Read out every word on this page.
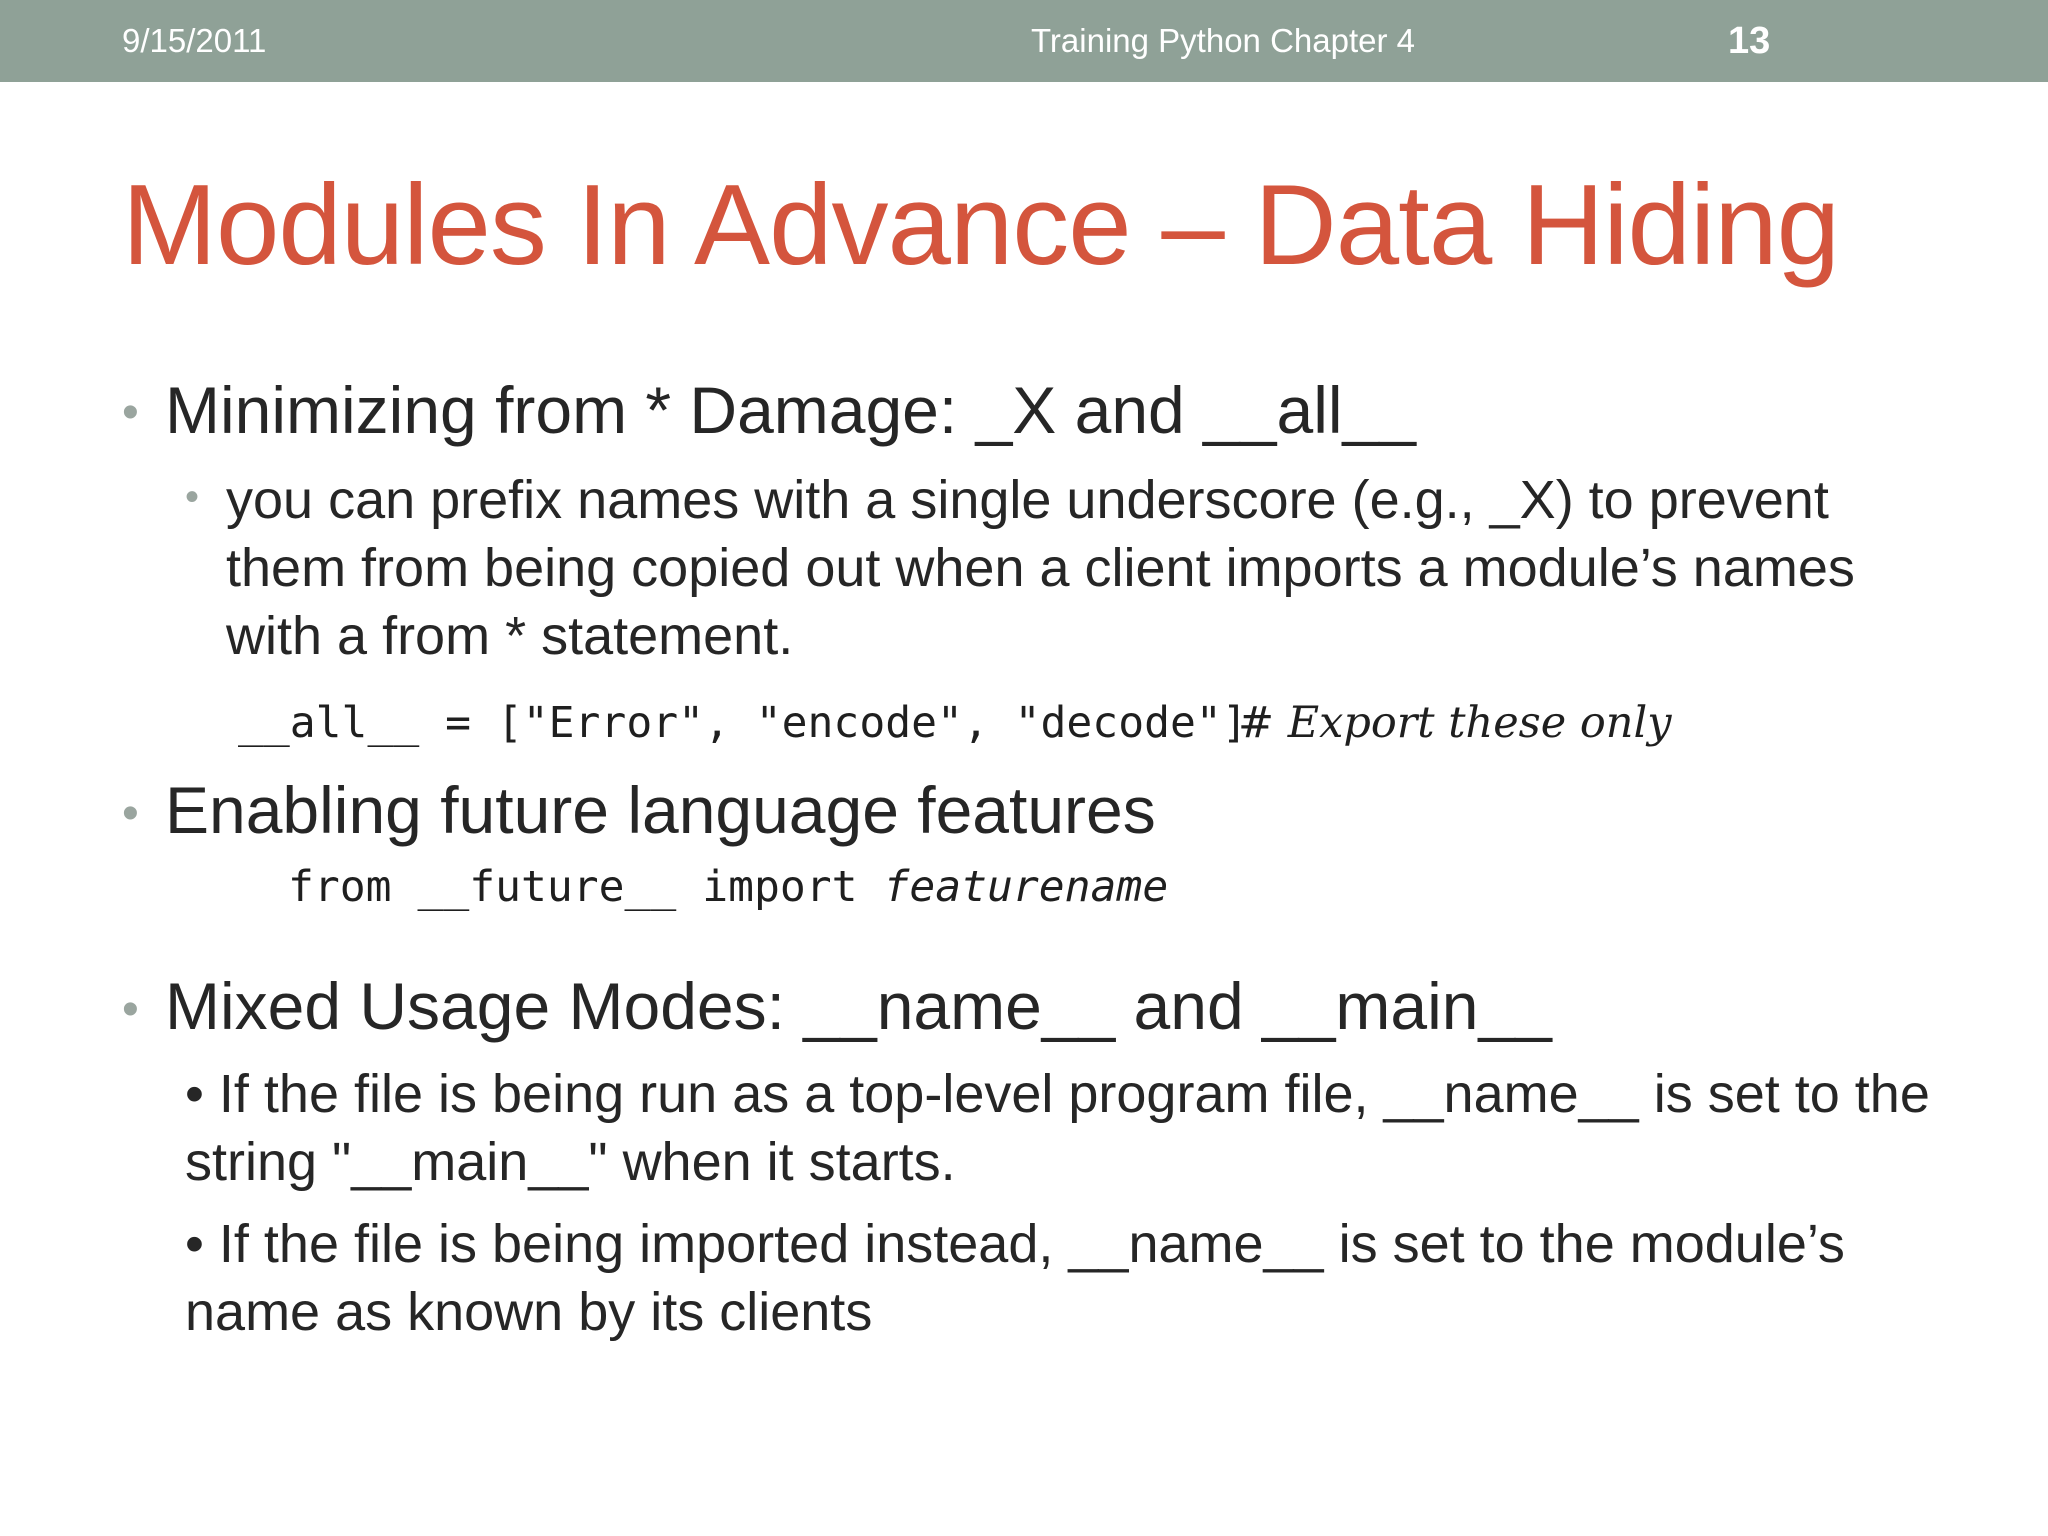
9/15/2011	Training Python Chapter 4	13
Modules In Advance – Data Hiding
• Minimizing from * Damage: _X and __all__
• you can prefix names with a single underscore (e.g., _X) to prevent them from being copied out when a client imports a module’s names with a from * statement.
__all__ = ["Error", "encode", "decode"]
# Export these only
• Enabling future language features
from __future__ import featurename
• Mixed Usage Modes: __name__ and __main__
• If the file is being run as a top-level program file, __name__ is set to the string "__main__" when it starts.
• If the file is being imported instead, __name__ is set to the module’s name as known by its clients
